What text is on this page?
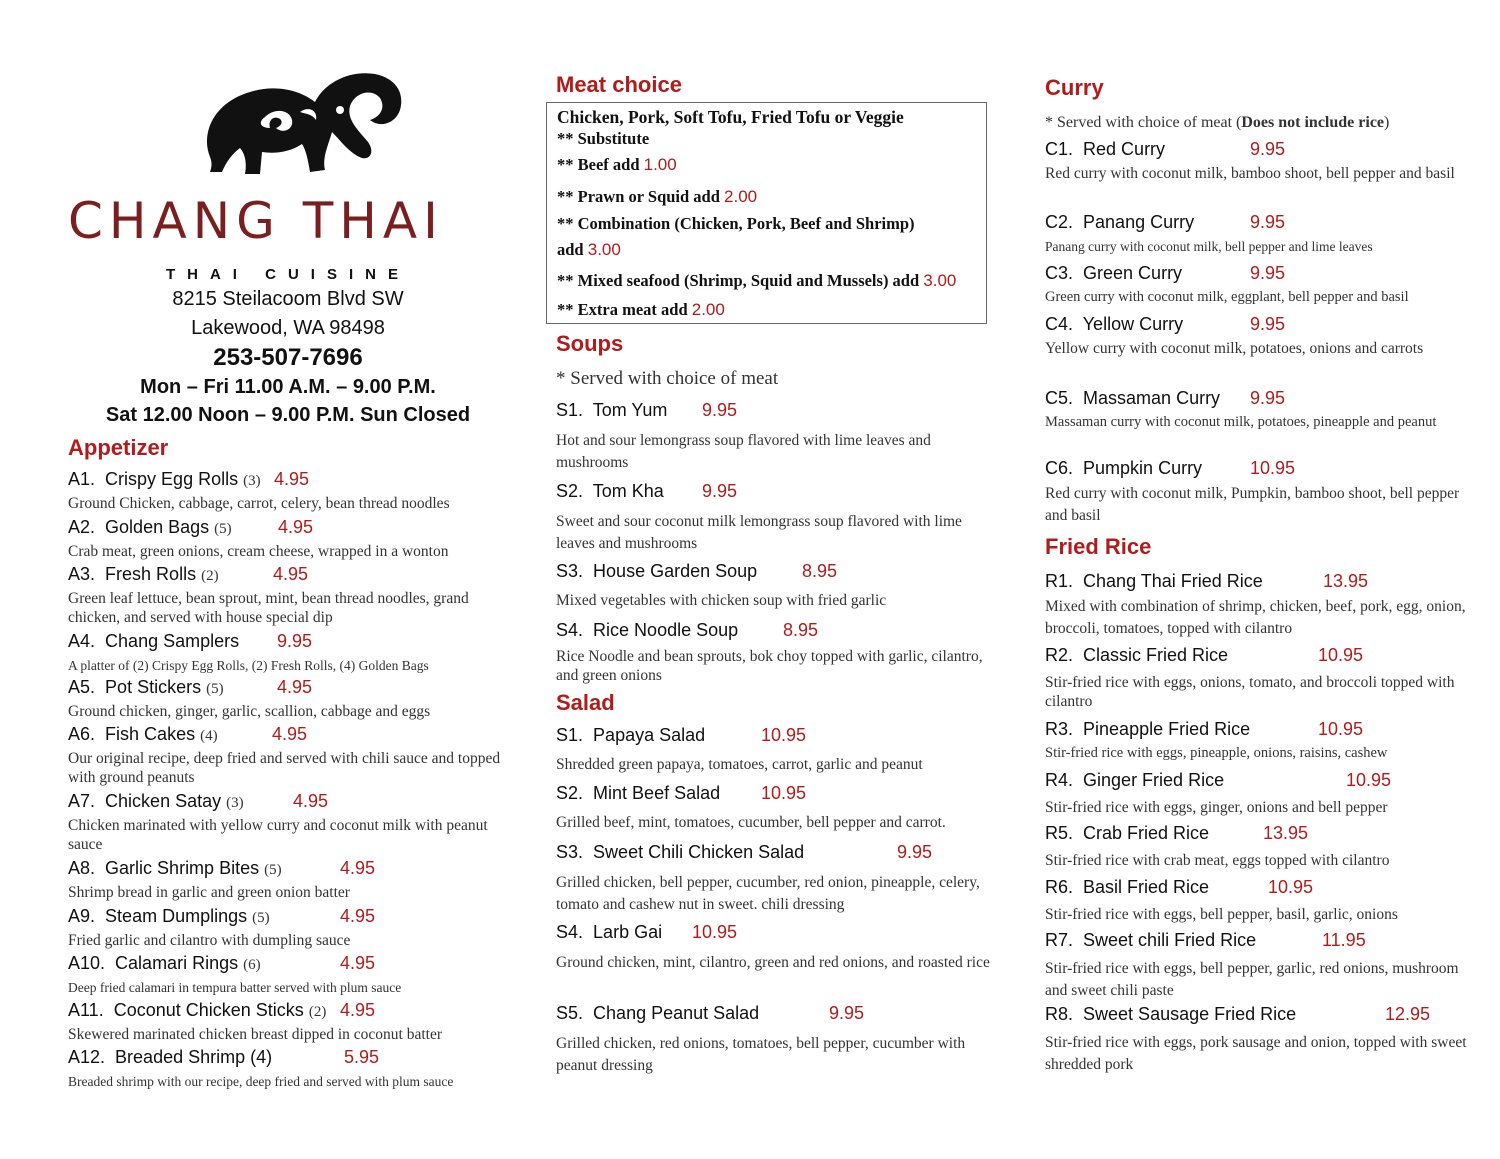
CHANG THAI
THAI CUISINE
8215 Steilacoom Blvd SW
Lakewood, WA 98498
253-507-7696
Mon – Fri 11.00 A.M. – 9.00 P.M.
Sat 12.00 Noon – 9.00 P.M. Sun Closed
Appetizer
A1. Crispy Egg Rolls (3) 4.95
Ground Chicken, cabbage, carrot, celery, bean thread noodles
A2. Golden Bags (5)	4.95
Crab meat, green onions, cream cheese, wrapped in a wonton
A3. Fresh Rolls (2)	4.95
Green leaf lettuce, bean sprout, mint, bean thread noodles, grand chicken, and served with house special dip
A4. Chang Samplers 9.95
A platter of (2) Crispy Egg Rolls, (2) Fresh Rolls, (4) Golden Bags
A5. Pot Stickers (5)	4.95
Ground chicken, ginger, garlic, scallion, cabbage and eggs
A6. Fish Cakes (4)	4.95
Our original recipe, deep fried and served with chili sauce and topped with ground peanuts
A7. Chicken Satay (3)	4.95
Chicken marinated with yellow curry and coconut milk with peanut sauce
A8. Garlic Shrimp Bites (5)	4.95
Shrimp bread in garlic and green onion batter
A9. Steam Dumplings (5)	4.95
Fried garlic and cilantro with dumpling sauce
A10. Calamari Rings (6)	4.95
Deep fried calamari in tempura batter served with plum sauce
A11. Coconut Chicken Sticks (2) 4.95
Skewered marinated chicken breast dipped in coconut batter
A12. Breaded Shrimp (4)	5.95
Breaded shrimp with our recipe, deep fried and served with plum sauce
Meat choice
Chicken, Pork, Soft Tofu, Fried Tofu or Veggie
** Substitute
** Beef add 1.00
** Prawn or Squid add 2.00
** Combination (Chicken, Pork, Beef and Shrimp)
add 3.00
** Mixed seafood (Shrimp, Squid and Mussels) add 3.00
** Extra meat add 2.00
Soups
* Served with choice of meat
S1. Tom Yum 9.95
Hot and sour lemongrass soup flavored with lime leaves and mushrooms
S2. Tom Kha 9.95
Sweet and sour coconut milk lemongrass soup flavored with lime leaves and mushrooms
S3. House Garden Soup 8.95
Mixed vegetables with chicken soup with fried garlic
S4. Rice Noodle Soup 8.95
Rice Noodle and bean sprouts, bok choy topped with garlic, cilantro, and green onions
Salad
S1. Papaya Salad	10.95
Shredded green papaya, tomatoes, carrot, garlic and peanut
S2. Mint Beef Salad 10.95
Grilled beef, mint, tomatoes, cucumber, bell pepper and carrot.
S3. Sweet Chili Chicken Salad	9.95
Grilled chicken, bell pepper, cucumber, red onion, pineapple, celery, tomato and cashew nut in sweet. chili dressing
S4. Larb Gai 10.95
Ground chicken, mint, cilantro, green and red onions, and roasted rice
S5. Chang Peanut Salad	9.95
Grilled chicken, red onions, tomatoes, bell pepper, cucumber with peanut dressing
Curry
* Served with choice of meat (Does not include rice)
C1. Red Curry	9.95
Red curry with coconut milk, bamboo shoot, bell pepper and basil
C2. Panang Curry	9.95
Panang curry with coconut milk, bell pepper and lime leaves
C3. Green Curry	9.95
Green curry with coconut milk, eggplant, bell pepper and basil
C4. Yellow Curry	9.95
Yellow curry with coconut milk, potatoes, onions and carrots
C5. Massaman Curry 9.95
Massaman curry with coconut milk, potatoes, pineapple and peanut
C6. Pumpkin Curry	10.95
Red curry with coconut milk, Pumpkin, bamboo shoot, bell pepper and basil
Fried Rice
R1. Chang Thai Fried Rice	13.95
Mixed with combination of shrimp, chicken, beef, pork, egg, onion, broccoli, tomatoes, topped with cilantro
R2. Classic Fried Rice	10.95
Stir-fried rice with eggs, onions, tomato, and broccoli topped with cilantro
R3. Pineapple Fried Rice	10.95
Stir-fried rice with eggs, pineapple, onions, raisins, cashew
R4. Ginger Fried Rice	10.95
Stir-fried rice with eggs, ginger, onions and bell pepper
R5. Crab Fried Rice	13.95
Stir-fried rice with crab meat, eggs topped with cilantro
R6. Basil Fried Rice	10.95
Stir-fried rice with eggs, bell pepper, basil, garlic, onions
R7. Sweet chili Fried Rice	11.95
Stir-fried rice with eggs, bell pepper, garlic, red onions, mushroom and sweet chili paste
R8. Sweet Sausage Fried Rice	12.95
Stir-fried rice with eggs, pork sausage and onion, topped with sweet shredded pork
